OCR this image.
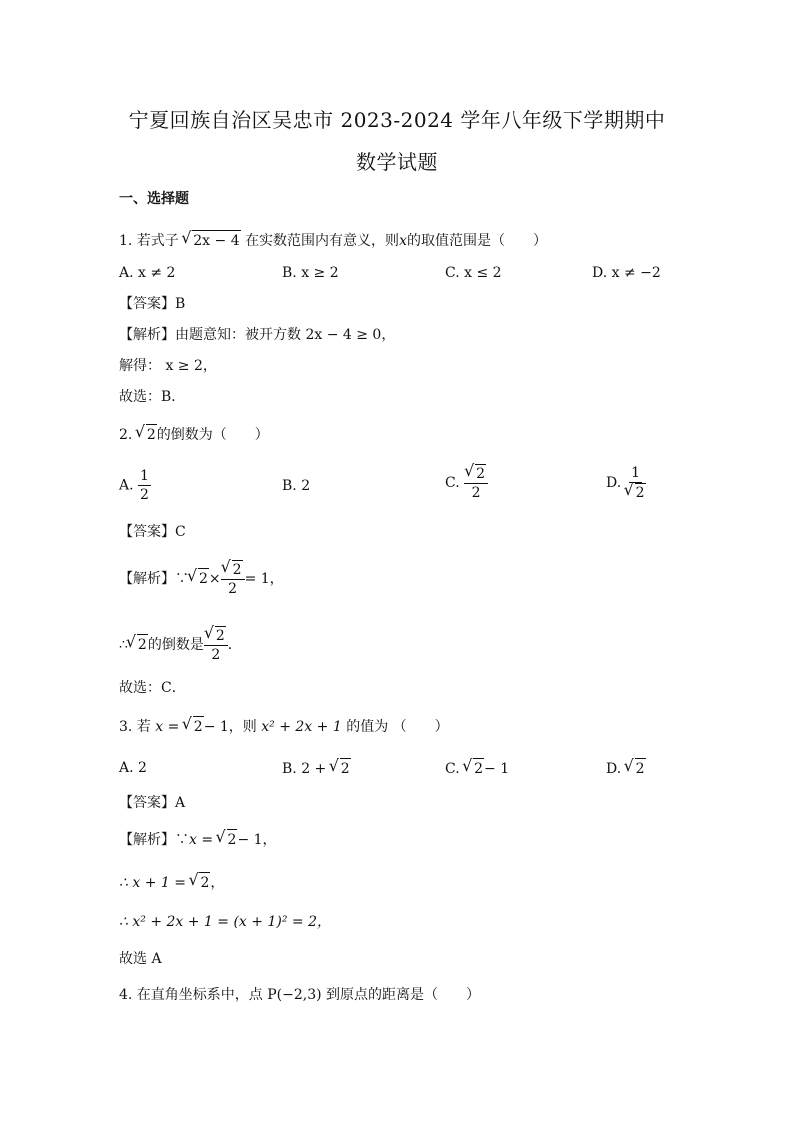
宁夏回族自治区吴忠市 2023-2024 学年八年级下学期期中
数学试题
一、选择题
1. 若式子 √ 2x − 4 在实数范围内有意义，则x的取值范围是（　　）
A. x ≠ 2	B. x ≥ 2	C. x ≤ 2	D. x ≠ −2
【答案】B
【解析】由题意知：被开方数 2x − 4 ≥ 0，
解得： x ≥ 2，
故选：B．
2. √ 2的倒数为（　　）
A. $\frac{1}{2}$	B. 2	C. √ $\frac{2}{2}$	D. 1
√ 2
【答案】C
【解析】∵ √ 2× √ $\frac{2}{2} = 1$，
∴ √ 2的倒数是 √ $\frac{2}{2}$ ．
故选：C．
3. 若 x = √ 2− 1，则 x² + 2x + 1 的值为 （　　）
A. 2	B. 2 + √ 2	C. √ 2− 1	D. √ 2
【答案】A
【解析】∵x = √ 2− 1，
∴ x + 1 = √ 2，
∴ x² + 2x + 1 = (x + 1)² = 2，
故选 A
4. 在直角坐标系中，点 P(−2,3) 到原点的距离是（　　）
